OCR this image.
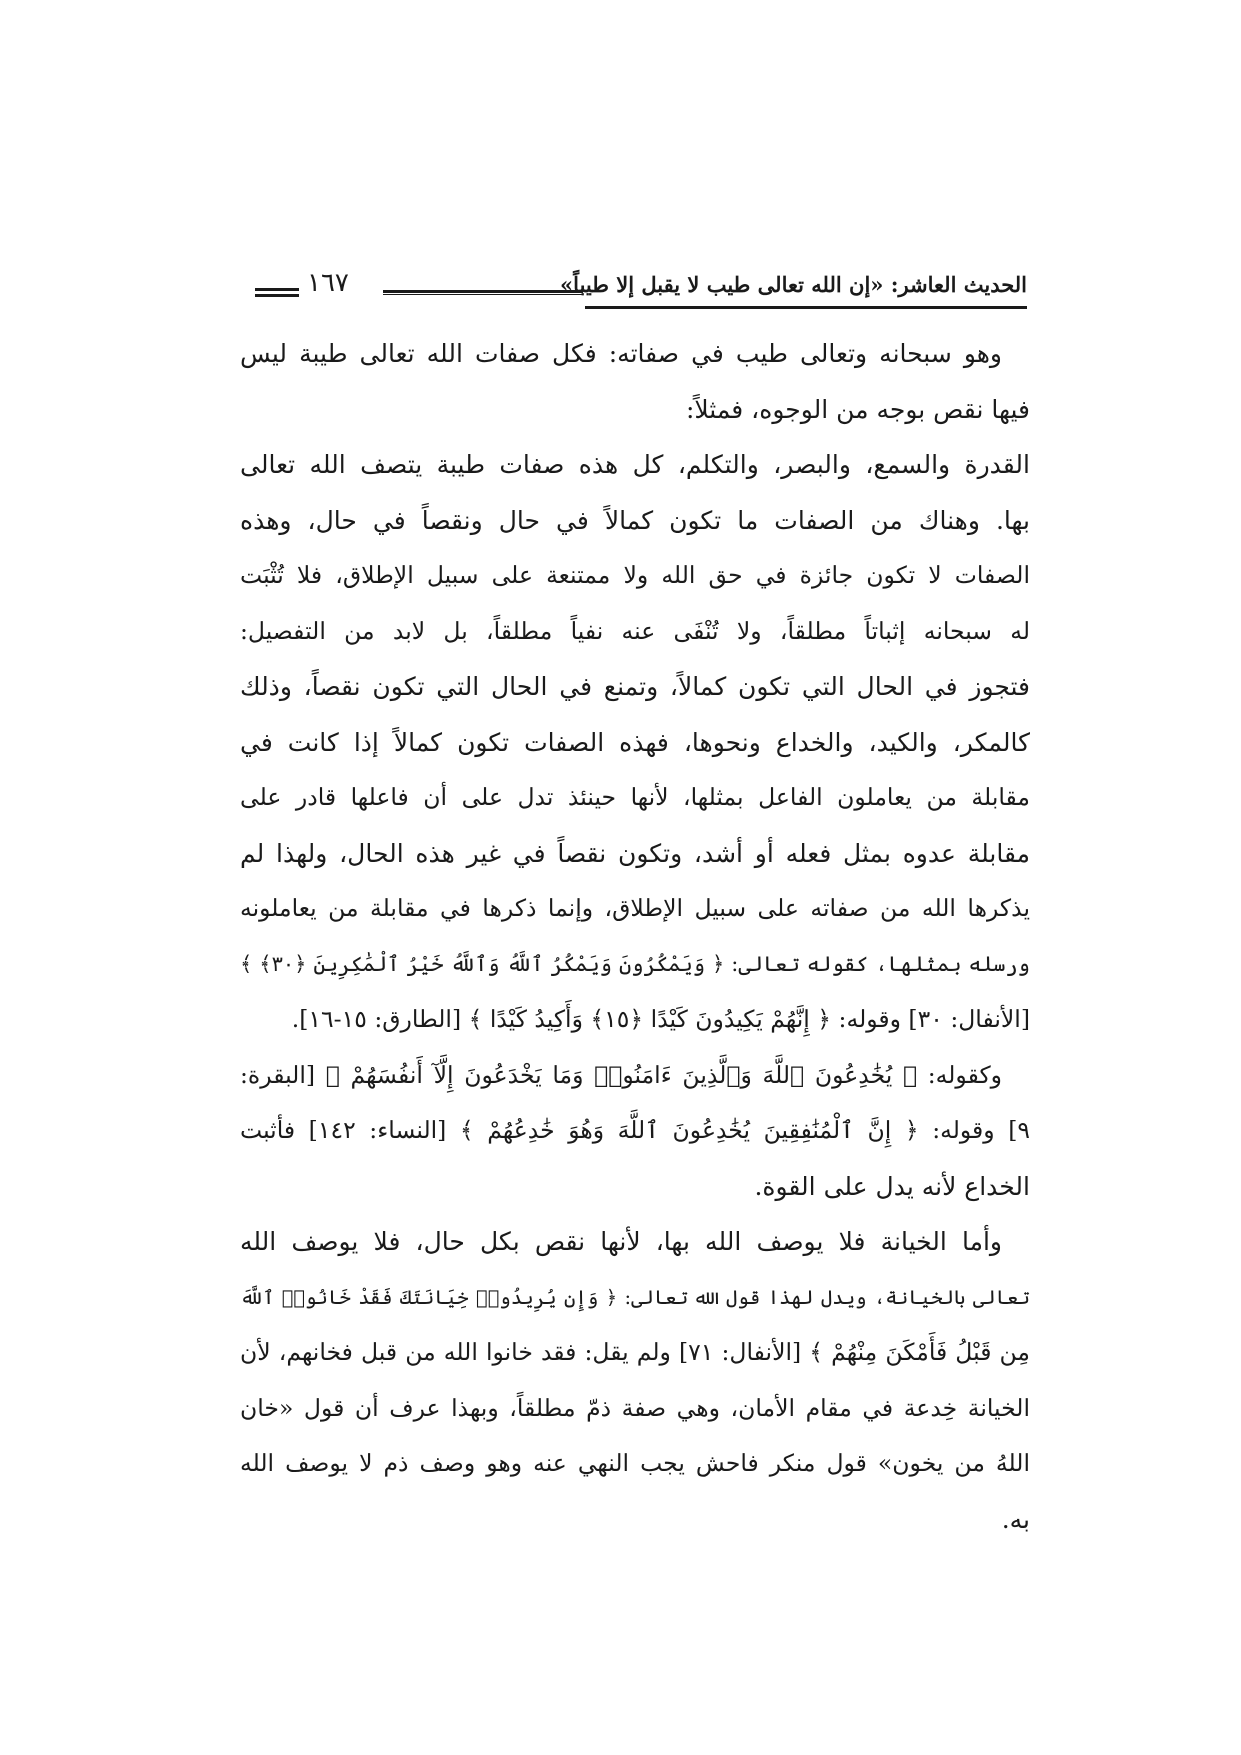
الحديث العاشر: «إن الله تعالى طيب لا يقبل إلا طيباً»
١٦٧
وهو سبحانه وتعالى طيب في صفاته: فكل صفات الله تعالى طيبة ليس
فيها نقص بوجه من الوجوه، فمثلاً:
القدرة والسمع، والبصر، والتكلم، كل هذه صفات طيبة يتصف الله تعالى
بها. وهناك من الصفات ما تكون كمالاً في حال ونقصاً في حال، وهذه
الصفات لا تكون جائزة في حق الله ولا ممتنعة على سبيل الإطلاق، فلا تُثْبَت
له سبحانه إثباتاً مطلقاً، ولا تُنْفَى عنه نفياً مطلقاً، بل لابد من التفصيل:
فتجوز في الحال التي تكون كمالاً، وتمنع في الحال التي تكون نقصاً، وذلك
كالمكر، والكيد، والخداع ونحوها، فهذه الصفات تكون كمالاً إذا كانت في
مقابلة من يعاملون الفاعل بمثلها، لأنها حينئذ تدل على أن فاعلها قادر على
مقابلة عدوه بمثل فعله أو أشد، وتكون نقصاً في غير هذه الحال، ولهذا لم
يذكرها الله من صفاته على سبيل الإطلاق، وإنما ذكرها في مقابلة من يعاملونه
ورسله بمثلها، كقوله تعالى: ﴿ وَيَمْكُرُونَ وَيَمْكُرُ ٱللَّهُ وَٱللَّهُ خَيْرُ ٱلْمَٰكِرِينَ ﴿٣٠﴾ ﴾
[الأنفال: ٣٠] وقوله: ﴿ إِنَّهُمْ يَكِيدُونَ كَيْدًا ﴿١٥﴾ وَأَكِيدُ كَيْدًا ﴾ [الطارق: ١٥-١٦].
وكقوله: ﴿ يُخَٰدِعُونَ ٱللَّهَ وَٱلَّذِينَ ءَامَنُوا۟ وَمَا يَخْدَعُونَ إِلَّآ أَنفُسَهُمْ ﴾ [البقرة:
٩] وقوله: ﴿ إِنَّ ٱلْمُنَٰفِقِينَ يُخَٰدِعُونَ ٱللَّهَ وَهُوَ خَٰدِعُهُمْ ﴾ [النساء: ١٤٢] فأثبت
الخداع لأنه يدل على القوة.
وأما الخيانة فلا يوصف الله بها، لأنها نقص بكل حال، فلا يوصف الله
تعالى بالخيانة، ويدل لهذا قول الله تعالى: ﴿ وَإِن يُرِيدُوا۟ خِيَانَتَكَ فَقَدْ خَانُوا۟ ٱللَّهَ
مِن قَبْلُ فَأَمْكَنَ مِنْهُمْ ﴾ [الأنفال: ٧١] ولم يقل: فقد خانوا الله من قبل فخانهم، لأن
الخيانة خِدعة في مقام الأمان، وهي صفة ذمّ مطلقاً، وبهذا عرف أن قول «خان
اللهُ من يخون» قول منكر فاحش يجب النهي عنه وهو وصف ذم لا يوصف الله
به.
